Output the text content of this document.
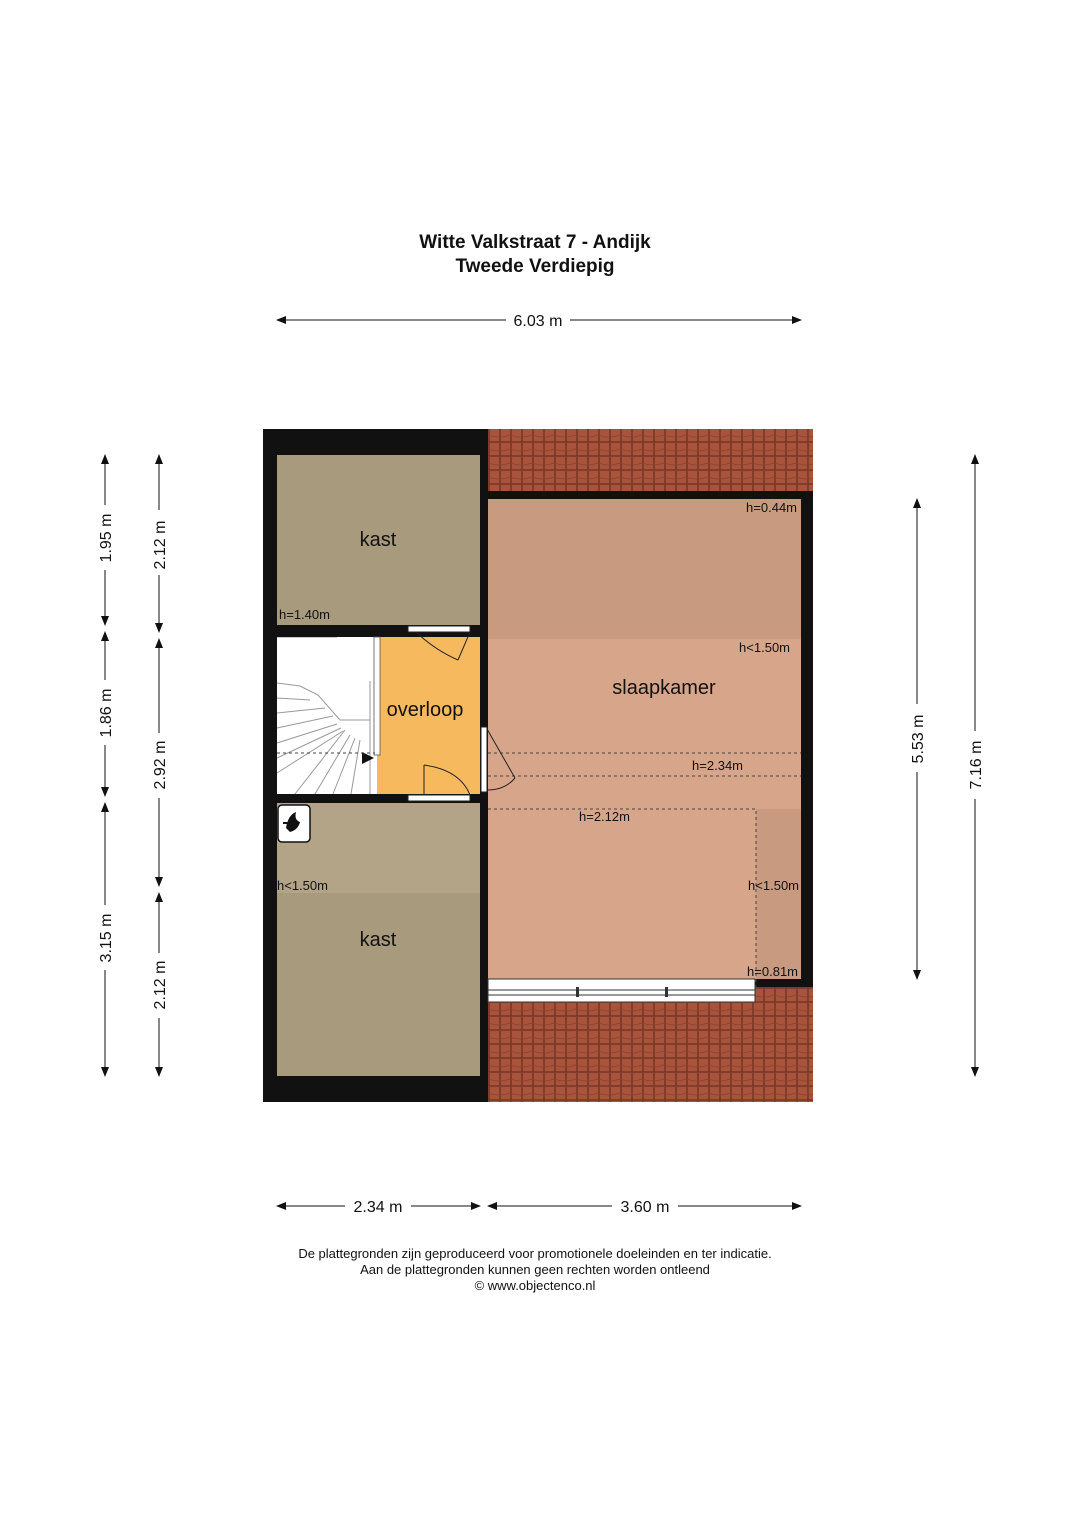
Witte Valkstraat 7 - Andijk
Tweede Verdiepig
kast
kast
overloop
slaapkamer
h=1.40m
h<1.50m
h=0.44m
h<1.50m
h=2.34m
h=2.12m
h<1.50m
h=0.81m
6.03 m
2.34 m	3.60 m
1.95 m
1.86 m
3.15 m
2.12 m
2.92 m
2.12 m
5.53 m
7.16 m
De plattegronden zijn geproduceerd voor promotionele doeleinden en ter indicatie.
Aan de plattegronden kunnen geen rechten worden ontleend
© www.objectenco.nl
